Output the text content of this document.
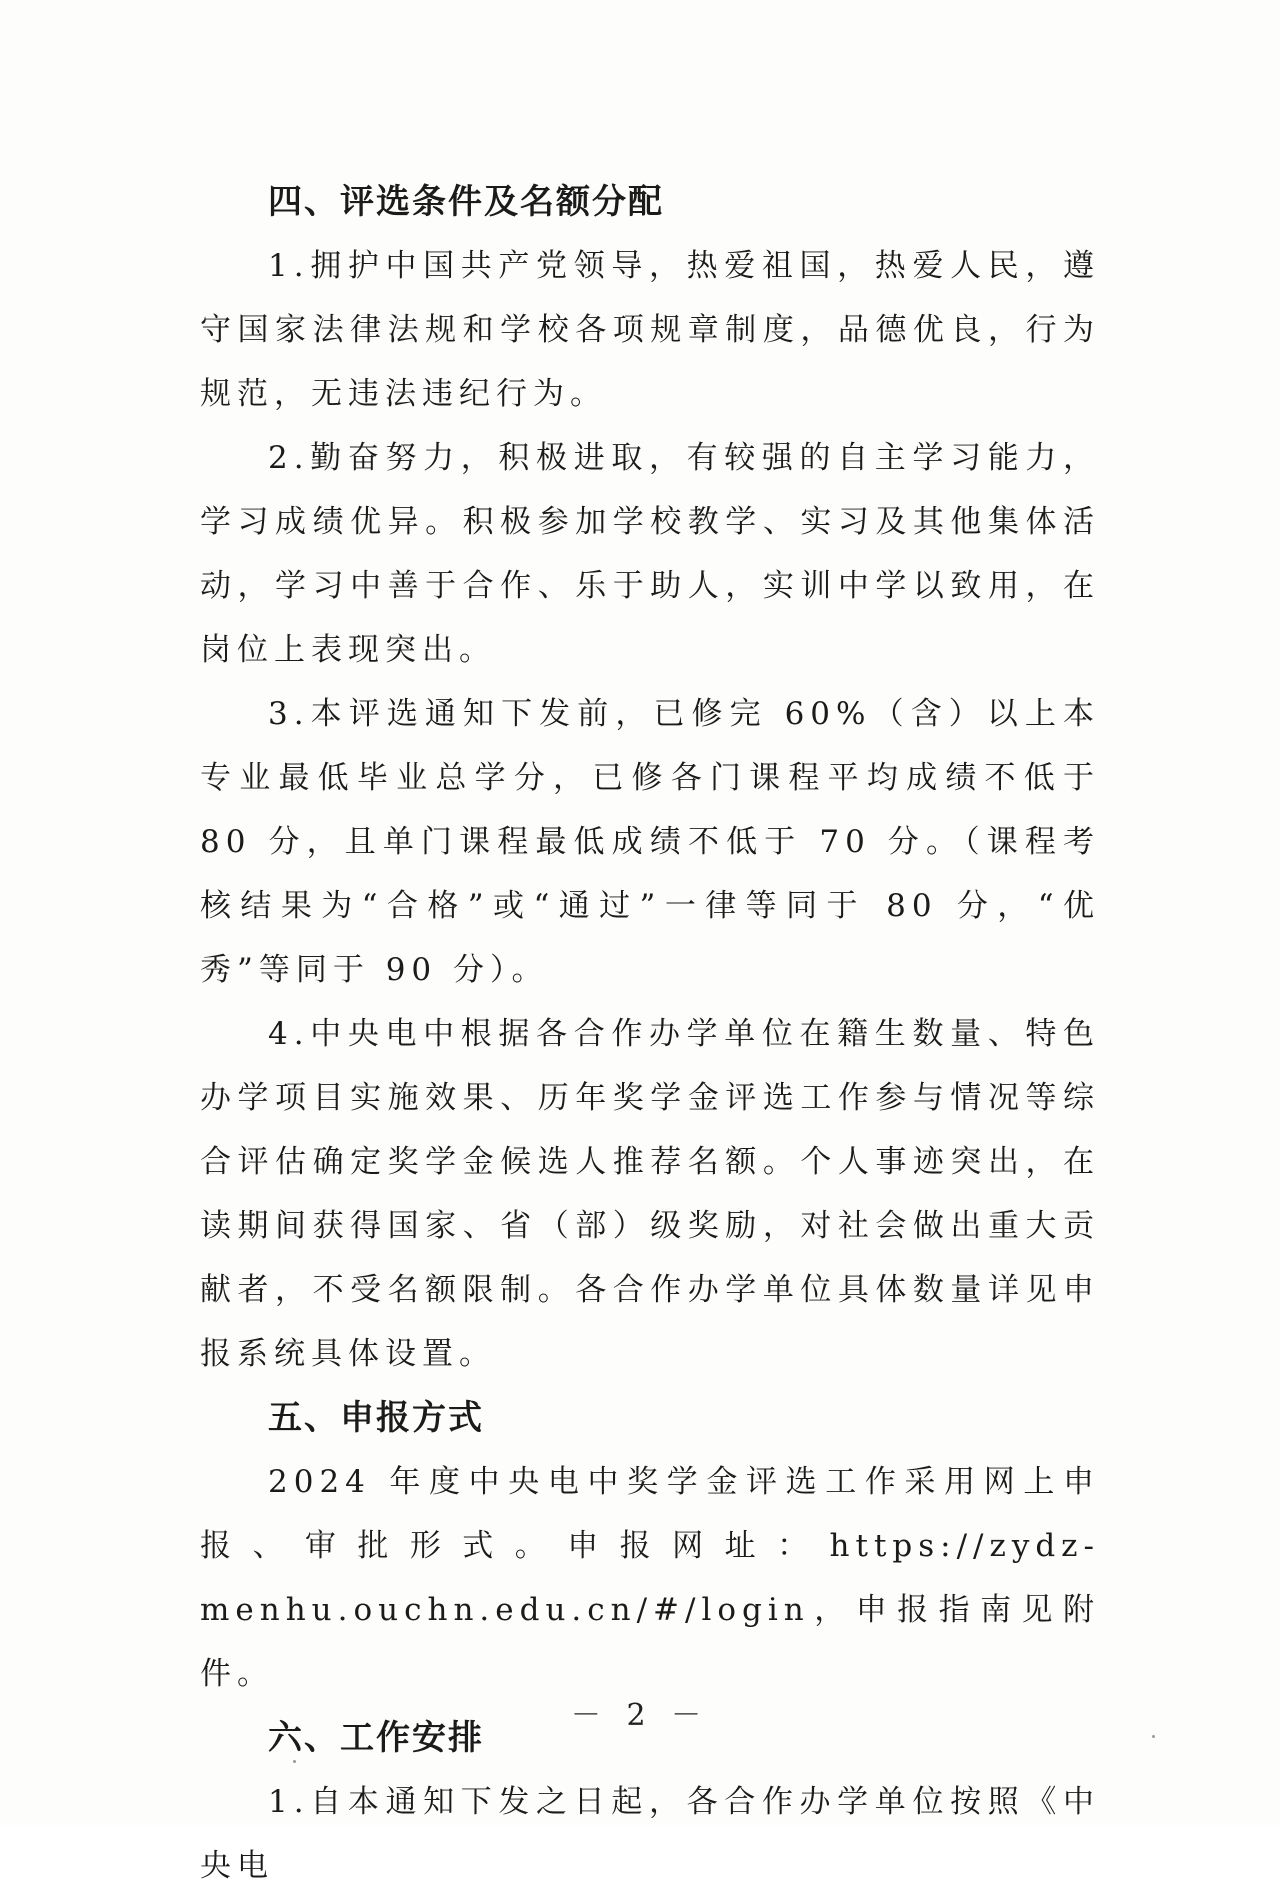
四、评选条件及名额分配

1.拥护中国共产党领导，热爱祖国，热爱人民，遵守国家法律法规和学校各项规章制度，品德优良，行为规范，无违法违纪行为。

2.勤奋努力，积极进取，有较强的自主学习能力，学习成绩优异。积极参加学校教学、实习及其他集体活动，学习中善于合作、乐于助人，实训中学以致用，在岗位上表现突出。

3.本评选通知下发前，已修完 60%（含）以上本专业最低毕业总学分，已修各门课程平均成绩不低于 80 分，且单门课程最低成绩不低于 70 分。（课程考核结果为“合格”或“通过”一律等同于 80 分，“优秀”等同于 90 分）。

4.中央电中根据各合作办学单位在籍生数量、特色办学项目实施效果、历年奖学金评选工作参与情况等综合评估确定奖学金候选人推荐名额。个人事迹突出，在读期间获得国家、省（部）级奖励，对社会做出重大贡献者，不受名额限制。各合作办学单位具体数量详见申报系统具体设置。

五、申报方式

2024 年度中央电中奖学金评选工作采用网上申报、审批形式。申报网址：https://zydz-menhu.ouchn.edu.cn/#/login，申报指南见附件。

六、工作安排

1.自本通知下发之日起，各合作办学单位按照《中央电

－ 2 －
